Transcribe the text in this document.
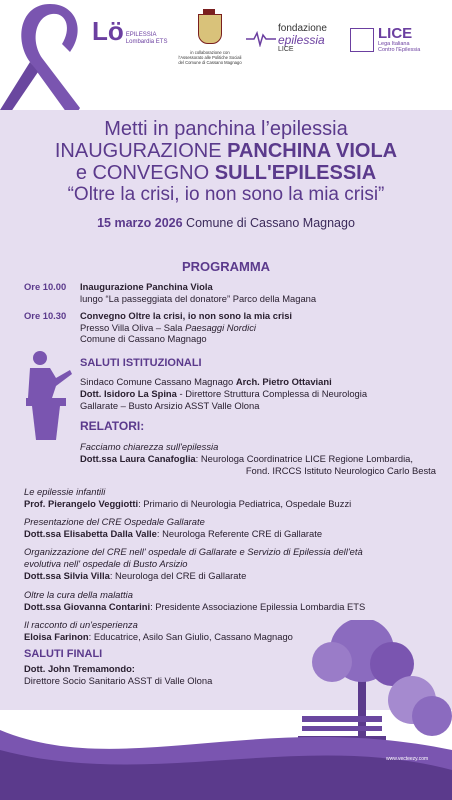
Lö EPILESSIA
Lombardia ETS
in collaborazione con
l'Assessorato alle Politiche Sociali
del Comune di Cassano Magnago
fondazione
epilessia
LICE
LICE
Lega Italiana
Contro l'Epilessia
Metti in panchina l’epilessia
INAUGURAZIONE PANCHINA VIOLA
e CONVEGNO SULL'EPILESSIA
“Oltre la crisi, io non sono la mia crisi”
15 marzo 2026 Comune di Cassano Magnago
PROGRAMMA
Ore 10.00 Inaugurazione Panchina Viola
lungo “La passeggiata del donatore” Parco della Magana
Ore 10.30 Convegno Oltre la crisi, io non sono la mia crisi
Presso Villa Oliva – Sala Paesaggi Nordici
Comune di Cassano Magnago
SALUTI ISTITUZIONALI
Sindaco Comune Cassano Magnago Arch. Pietro Ottaviani
Dott. Isidoro La Spina - Direttore Struttura Complessa di Neurologia
Gallarate – Busto Arsizio ASST Valle Olona
RELATORI:
Facciamo chiarezza sull'epilessia
Dott.ssa Laura Canafoglia: Neurologa Coordinatrice LICE Regione Lombardia,
Fond. IRCCS Istituto Neurologico Carlo Besta
Le epilessie infantili
Prof. Pierangelo Veggiotti: Primario di Neurologia Pediatrica, Ospedale Buzzi
Presentazione del CRE Ospedale Gallarate
Dott.ssa Elisabetta Dalla Valle: Neurologa Referente CRE di Gallarate
Organizzazione del CRE nell' ospedale di Gallarate e Servizio di Epilessia dell'età
evolutiva nell' ospedale di Busto Arsizio
Dott.ssa Silvia Villa: Neurologa del CRE di Gallarate
Oltre la cura della malattia
Dott.ssa Giovanna Contarini: Presidente Associazione Epilessia Lombardia ETS
Il racconto di un'esperienza
Eloisa Farinon: Educatrice, Asilo San Giulio, Cassano Magnago
SALUTI FINALI
Dott. John Tremamondo:
Direttore Socio Sanitario ASST di Valle Olona
www.vecteezy.com
